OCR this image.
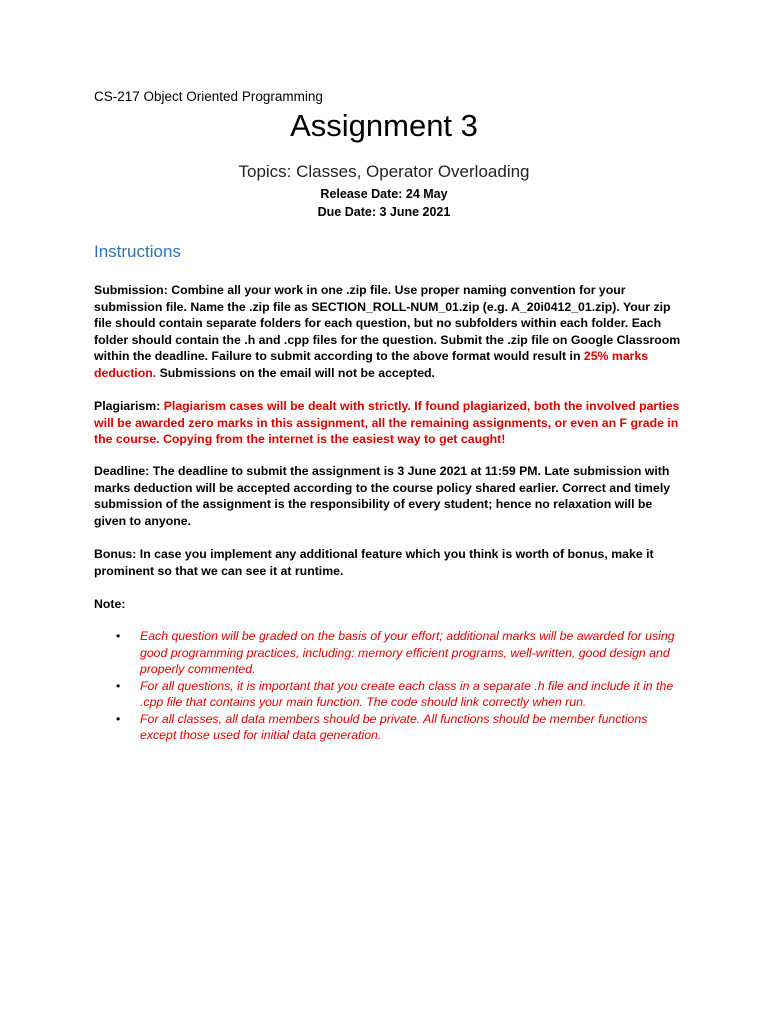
CS-217 Object Oriented Programming
Assignment 3
Topics: Classes, Operator Overloading
Release Date: 24 May
Due Date: 3 June 2021
Instructions
Submission: Combine all your work in one .zip file. Use proper naming convention for your submission file. Name the .zip file as SECTION_ROLL-NUM_01.zip (e.g. A_20i0412_01.zip). Your zip file should contain separate folders for each question, but no subfolders within each folder. Each folder should contain the .h and .cpp files for the question. Submit the .zip file on Google Classroom within the deadline. Failure to submit according to the above format would result in 25% marks deduction. Submissions on the email will not be accepted.
Plagiarism: Plagiarism cases will be dealt with strictly. If found plagiarized, both the involved parties will be awarded zero marks in this assignment, all the remaining assignments, or even an F grade in the course. Copying from the internet is the easiest way to get caught!
Deadline: The deadline to submit the assignment is 3 June 2021 at 11:59 PM. Late submission with marks deduction will be accepted according to the course policy shared earlier. Correct and timely submission of the assignment is the responsibility of every student; hence no relaxation will be given to anyone.
Bonus: In case you implement any additional feature which you think is worth of bonus, make it prominent so that we can see it at runtime.
Note:
• Each question will be graded on the basis of your effort; additional marks will be awarded for using good programming practices, including: memory efficient programs, well-written, good design and properly commented.
• For all questions, it is important that you create each class in a separate .h file and include it in the .cpp file that contains your main function. The code should link correctly when run.
• For all classes, all data members should be private. All functions should be member functions except those used for initial data generation.
